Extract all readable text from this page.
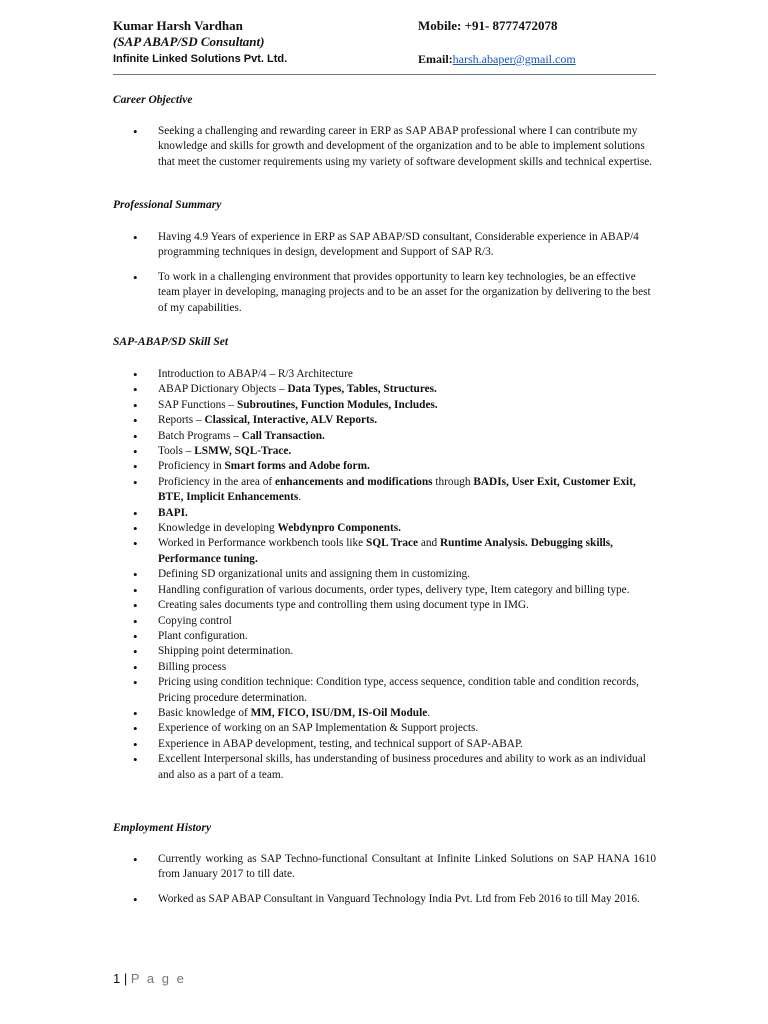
Kumar Harsh Vardhan
(SAP ABAP/SD Consultant)
Infinite Linked Solutions Pvt. Ltd.
Mobile: +91- 8777472078
Email:harsh.abaper@gmail.com
Career Objective
• Seeking a challenging and rewarding career in ERP as SAP ABAP professional where I can contribute my knowledge and skills for growth and development of the organization and to be able to implement solutions that meet the customer requirements using my variety of software development skills and technical expertise.
Professional Summary
• Having 4.9 Years of experience in ERP as SAP ABAP/SD consultant, Considerable experience in ABAP/4 programming techniques in design, development and Support of SAP R/3.
• To work in a challenging environment that provides opportunity to learn key technologies, be an effective team player in developing, managing projects and to be an asset for the organization by delivering to the best of my capabilities.
SAP-ABAP/SD Skill Set
• Introduction to ABAP/4 – R/3 Architecture
• ABAP Dictionary Objects – Data Types, Tables, Structures.
• SAP Functions – Subroutines, Function Modules, Includes.
• Reports – Classical, Interactive, ALV Reports.
• Batch Programs – Call Transaction.
• Tools – LSMW, SQL-Trace.
• Proficiency in Smart forms and Adobe form.
• Proficiency in the area of enhancements and modifications through BADIs, User Exit, Customer Exit, BTE, Implicit Enhancements.
• BAPI.
• Knowledge in developing Webdynpro Components.
• Worked in Performance workbench tools like SQL Trace and Runtime Analysis. Debugging skills, Performance tuning.
• Defining SD organizational units and assigning them in customizing.
• Handling configuration of various documents, order types, delivery type, Item category and billing type.
• Creating sales documents type and controlling them using document type in IMG.
• Copying control
• Plant configuration.
• Shipping point determination.
• Billing process
• Pricing using condition technique: Condition type, access sequence, condition table and condition records, Pricing procedure determination.
• Basic knowledge of MM, FICO, ISU/DM, IS-Oil Module.
• Experience of working on an SAP Implementation & Support projects.
• Experience in ABAP development, testing, and technical support of SAP-ABAP.
• Excellent Interpersonal skills, has understanding of business procedures and ability to work as an individual and also as a part of a team.
Employment History
• Currently working as SAP Techno-functional Consultant at Infinite Linked Solutions on SAP HANA 1610 from January 2017 to till date.
• Worked as SAP ABAP Consultant in Vanguard Technology India Pvt. Ltd from Feb 2016 to till May 2016.
1 | P a g e
